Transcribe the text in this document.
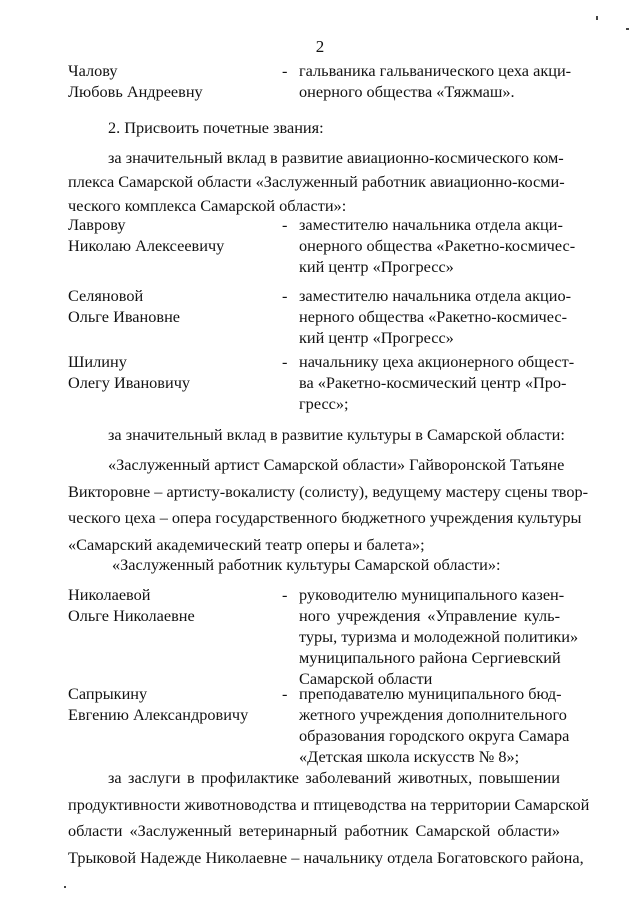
2
Чалову
Любовь Андреевну
- гальваника гальванического цеха акци-
онерного общества «Тяжмаш».
2. Присвоить почетные звания:
за значительный вклад в развитие авиационно-космического ком-
плекса Самарской области «Заслуженный работник авиационно-косми-
ческого комплекса Самарской области»:
Лаврову
Николаю Алексеевичу
- заместителю начальника отдела акци-
онерного общества «Ракетно-космичес-
кий центр «Прогресс»
Селяновой
Ольге Ивановне
- заместителю начальника отдела акцио-
нерного общества «Ракетно-космичес-
кий центр «Прогресс»
Шилину
Олегу Ивановичу
- начальнику цеха акционерного общест-
ва «Ракетно-космический центр «Про-
гресс»;
за значительный вклад в развитие культуры в Самарской области:
«Заслуженный артист Самарской области» Гайворонской Татьяне
Викторовне – артисту-вокалисту (солисту), ведущему мастеру сцены твор-
ческого цеха – опера государственного бюджетного учреждения культуры
«Самарский академический театр оперы и балета»;
«Заслуженный работник культуры Самарской области»:
Николаевой
Ольге Николаевне
- руководителю муниципального казен-
ного учреждения «Управление куль-
туры, туризма и молодежной политики»
муниципального района Сергиевский
Самарской области
Сапрыкину
Евгению Александровичу
- преподавателю муниципального бюд-
жетного учреждения дополнительного
образования городского округа Самара
«Детская школа искусств № 8»;
за заслуги в профилактике заболеваний животных, повышении
продуктивности животноводства и птицеводства на территории Самарской
области «Заслуженный ветеринарный работник Самарской области»
Трыковой Надежде Николаевне – начальнику отдела Богатовского района,
